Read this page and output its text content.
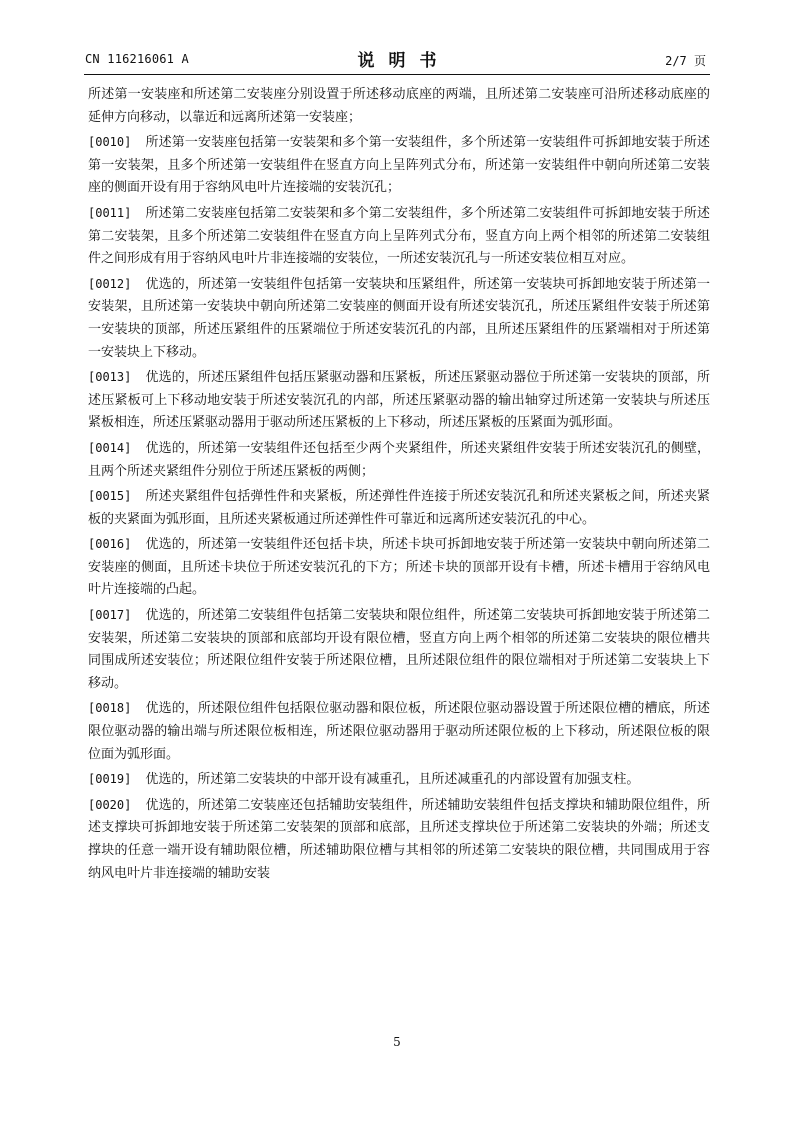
CN 116216061 A	说明书	2/7 页

所述第一安装座和所述第二安装座分别设置于所述移动底座的两端，且所述第二安装座可沿所述移动底座的延伸方向移动，以靠近和远离所述第一安装座；

[0010] 所述第一安装座包括第一安装架和多个第一安装组件，多个所述第一安装组件可拆卸地安装于所述第一安装架，且多个所述第一安装组件在竖直方向上呈阵列式分布，所述第一安装组件中朝向所述第二安装座的侧面开设有用于容纳风电叶片连接端的安装沉孔；

[0011] 所述第二安装座包括第二安装架和多个第二安装组件，多个所述第二安装组件可拆卸地安装于所述第二安装架，且多个所述第二安装组件在竖直方向上呈阵列式分布，竖直方向上两个相邻的所述第二安装组件之间形成有用于容纳风电叶片非连接端的安装位，一所述安装沉孔与一所述安装位相互对应。

[0012] 优选的，所述第一安装组件包括第一安装块和压紧组件，所述第一安装块可拆卸地安装于所述第一安装架，且所述第一安装块中朝向所述第二安装座的侧面开设有所述安装沉孔，所述压紧组件安装于所述第一安装块的顶部，所述压紧组件的压紧端位于所述安装沉孔的内部，且所述压紧组件的压紧端相对于所述第一安装块上下移动。

[0013] 优选的，所述压紧组件包括压紧驱动器和压紧板，所述压紧驱动器位于所述第一安装块的顶部，所述压紧板可上下移动地安装于所述安装沉孔的内部，所述压紧驱动器的输出轴穿过所述第一安装块与所述压紧板相连，所述压紧驱动器用于驱动所述压紧板的上下移动，所述压紧板的压紧面为弧形面。

[0014] 优选的，所述第一安装组件还包括至少两个夹紧组件，所述夹紧组件安装于所述安装沉孔的侧壁，且两个所述夹紧组件分别位于所述压紧板的两侧；

[0015] 所述夹紧组件包括弹性件和夹紧板，所述弹性件连接于所述安装沉孔和所述夹紧板之间，所述夹紧板的夹紧面为弧形面，且所述夹紧板通过所述弹性件可靠近和远离所述安装沉孔的中心。

[0016] 优选的，所述第一安装组件还包括卡块，所述卡块可拆卸地安装于所述第一安装块中朝向所述第二安装座的侧面，且所述卡块位于所述安装沉孔的下方；所述卡块的顶部开设有卡槽，所述卡槽用于容纳风电叶片连接端的凸起。

[0017] 优选的，所述第二安装组件包括第二安装块和限位组件，所述第二安装块可拆卸地安装于所述第二安装架，所述第二安装块的顶部和底部均开设有限位槽，竖直方向上两个相邻的所述第二安装块的限位槽共同围成所述安装位；所述限位组件安装于所述限位槽，且所述限位组件的限位端相对于所述第二安装块上下移动。

[0018] 优选的，所述限位组件包括限位驱动器和限位板，所述限位驱动器设置于所述限位槽的槽底，所述限位驱动器的输出端与所述限位板相连，所述限位驱动器用于驱动所述限位板的上下移动，所述限位板的限位面为弧形面。

[0019] 优选的，所述第二安装块的中部开设有减重孔，且所述减重孔的内部设置有加强支柱。

[0020] 优选的，所述第二安装座还包括辅助安装组件，所述辅助安装组件包括支撑块和辅助限位组件，所述支撑块可拆卸地安装于所述第二安装架的顶部和底部，且所述支撑块位于所述第二安装块的外端；所述支撑块的任意一端开设有辅助限位槽，所述辅助限位槽与其相邻的所述第二安装块的限位槽，共同围成用于容纳风电叶片非连接端的辅助安装

5
